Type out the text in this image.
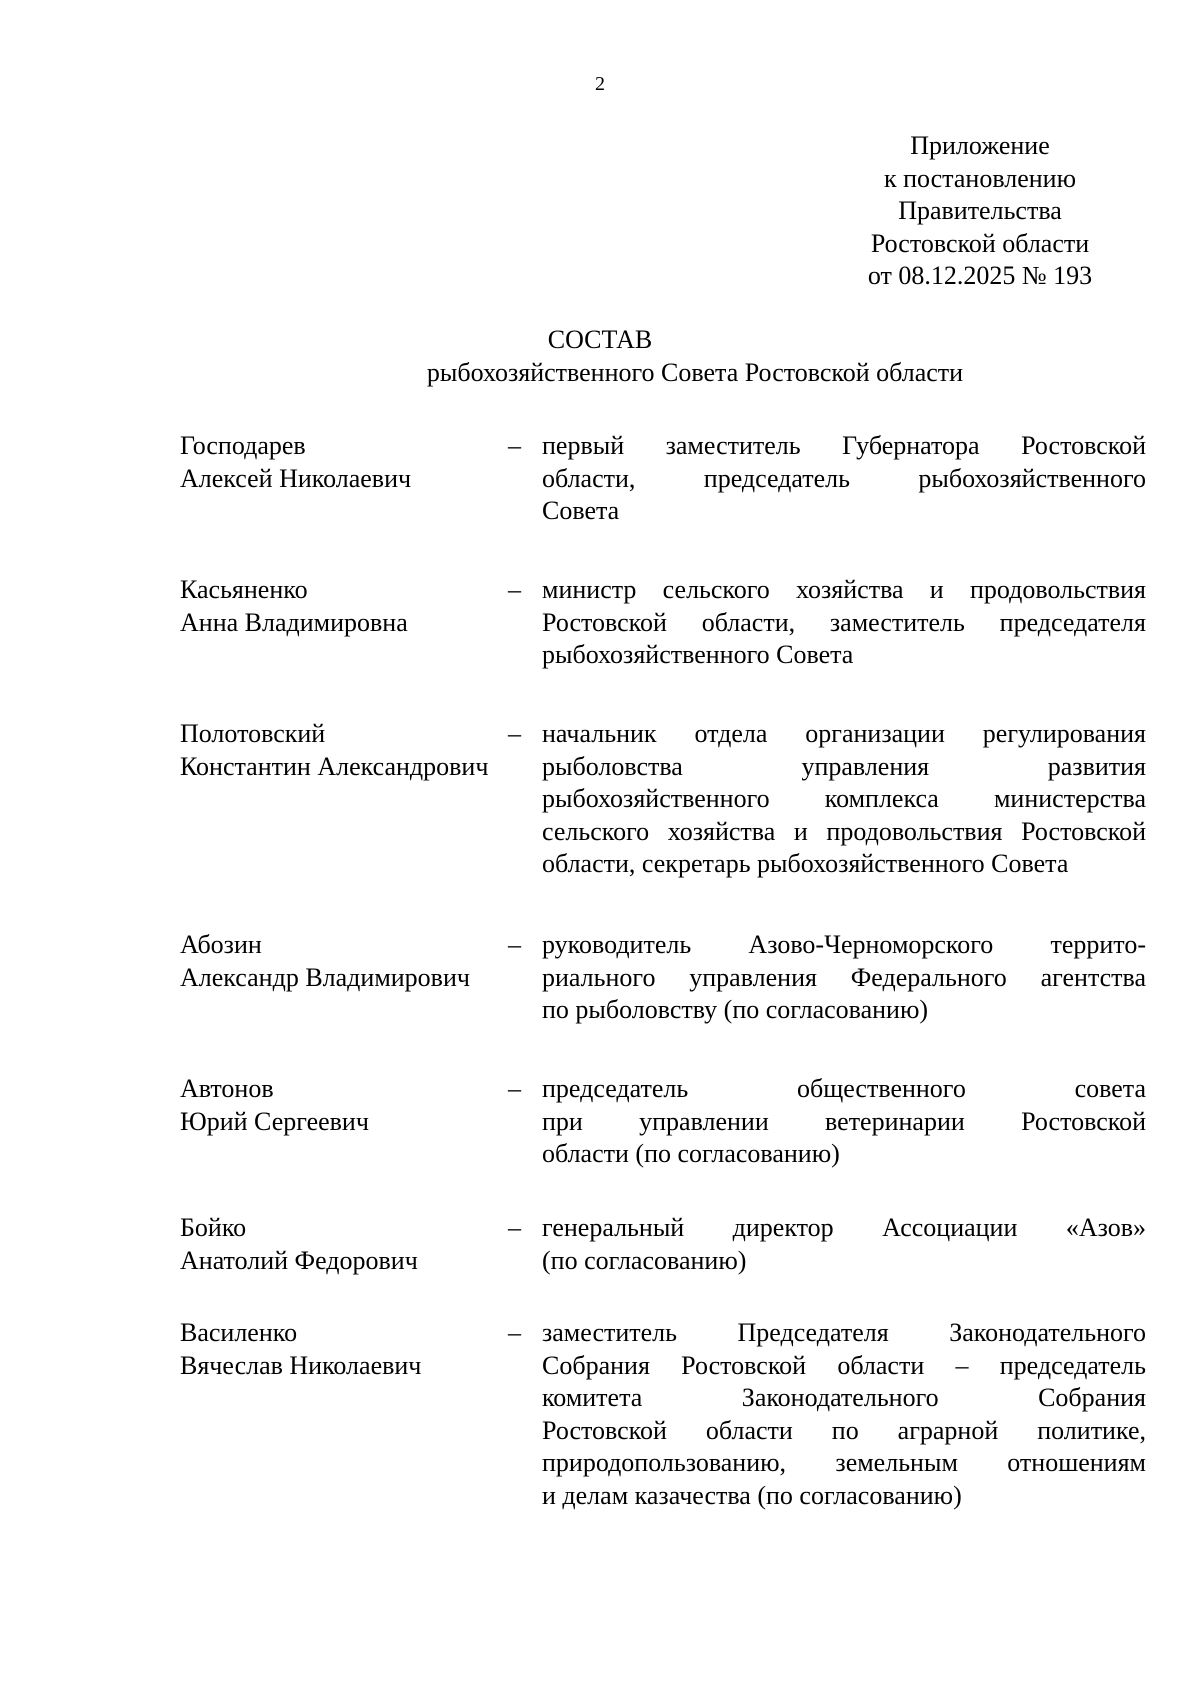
2
Приложение
к постановлению
Правительства
Ростовской области
от 08.12.2025 № 193
СОСТАВ
рыбохозяйственного Совета Ростовской области
Господарев
Алексей Николаевич
– первый заместитель Губернатора Ростовской
области, председатель рыбохозяйственного
Совета
Касьяненко
Анна Владимировна
– министр сельского хозяйства и продовольствия
Ростовской области, заместитель председателя
рыбохозяйственного Совета
Полотовский
Константин Александрович
– начальник отдела организации регулирования
рыболовства управления развития
рыбохозяйственного комплекса министерства
сельского хозяйства и продовольствия Ростовской
области, секретарь рыбохозяйственного Совета
Абозин
Александр Владимирович
– руководитель Азово-Черноморского террито-
риального управления Федерального агентства
по рыболовству (по согласованию)
Автонов
Юрий Сергеевич
– председатель общественного совета
при управлении ветеринарии Ростовской
области (по согласованию)
Бойко
Анатолий Федорович
– генеральный директор Ассоциации «Азов»
(по согласованию)
Василенко
Вячеслав Николаевич
– заместитель Председателя Законодательного
Собрания Ростовской области – председатель
комитета Законодательного Собрания
Ростовской области по аграрной политике,
природопользованию, земельным отношениям
и делам казачества (по согласованию)
